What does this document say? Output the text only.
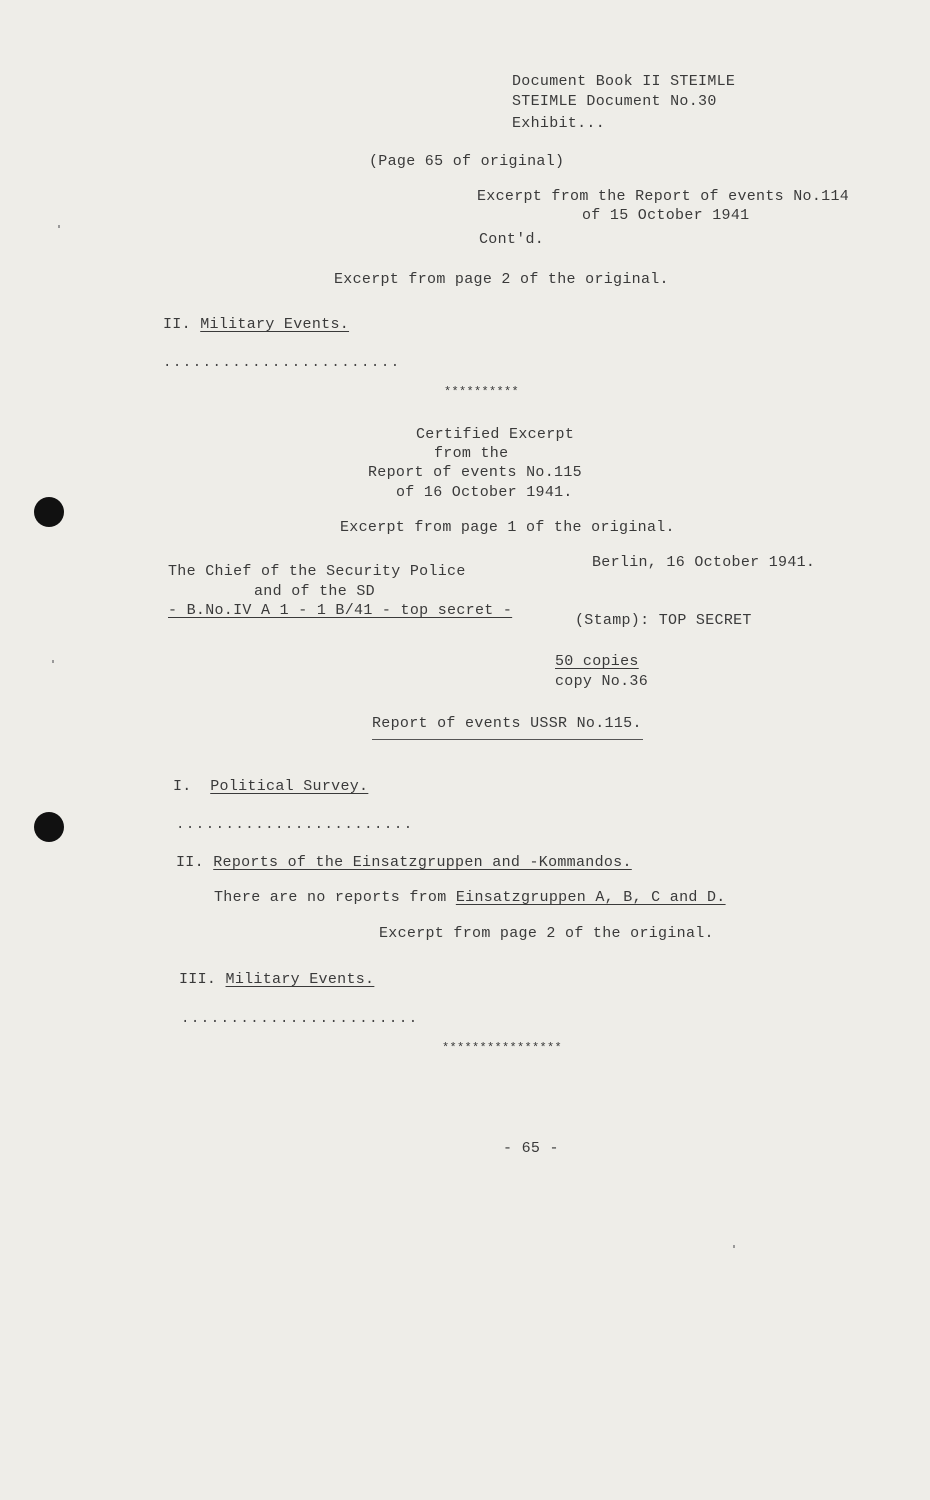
Document Book II STEIMLE
STEIMLE Document No.30
Exhibit...
(Page 65 of original)
Excerpt from the Report of events No.114
of 15 October 1941
Cont'd.
Excerpt from page 2 of the original.
II. Military Events.
........................
**********
Certified Excerpt
from the
Report of events No.115
of 16 October 1941.
Excerpt from page 1 of the original.
The Chief of the Security Police
and of the SD
- B.No.IV A 1 - 1 B/41 - top secret -
Berlin, 16 October 1941.
(Stamp): TOP SECRET
50 copies
copy No.36
Report of events USSR No.115.
I. Political Survey.
........................
II. Reports of the Einsatzgruppen and -Kommandos.
There are no reports from Einsatzgruppen A, B, C and D.
Excerpt from page 2 of the original.
III. Military Events.
........................
****************
- 65 -
